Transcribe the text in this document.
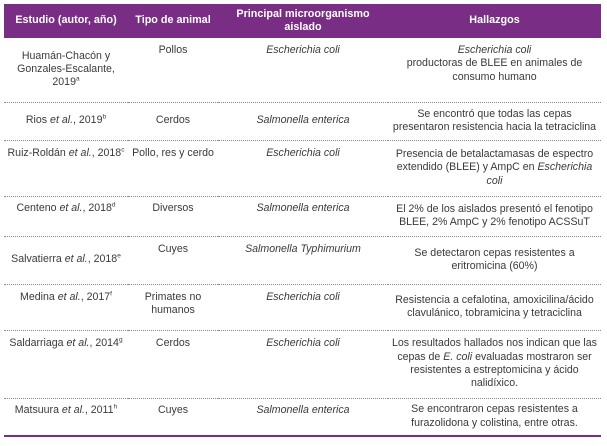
Estudio (autor, año)	Tipo de animal	Principal microorganismo aislado	Hallazgos
Huamán-Chacón y Gonzales-Escalante, 2019$^a$	Pollos	Escherichia coli	Escherichia coli
productoras de BLEE en animales de consumo humano
Rios et al., 2019$^b$	Cerdos	Salmonella enterica	Se encontró que todas las cepas presentaron resistencia hacia la tetraciclina
Ruiz-Roldán et al., 2018$^c$	Pollo, res y cerdo	Escherichia coli	Presencia de betalactamasas de espectro extendido (BLEE) y AmpC en Escherichia coli
Centeno et al., 2018$^d$	Diversos	Salmonella enterica	El 2% de los aislados presentó el fenotipo BLEE, 2% AmpC y 2% fenotipo ACSSuT
Salvatierra et al., 2018e	Cuyes	Salmonella Typhimurium	Se detectaron cepas resistentes a eritromicina (60%)
Medina et al., 2017$^f$	Primates no humanos	Escherichia coli	Resistencia a cefalotina, amoxicilina/ácido clavulánico, tobramicina y tetraciclina
Saldarriaga et al., 2014$^g$	Cerdos	Escherichia coli	Los resultados hallados nos indican que las cepas de E. coli evaluadas mostraron ser resistentes a estreptomicina y ácido nalidíxico.
Matsuura et al., 2011$^h$	Cuyes	Salmonella enterica	Se encontraron cepas resistentes a furazolidona y colistina, entre otras.
